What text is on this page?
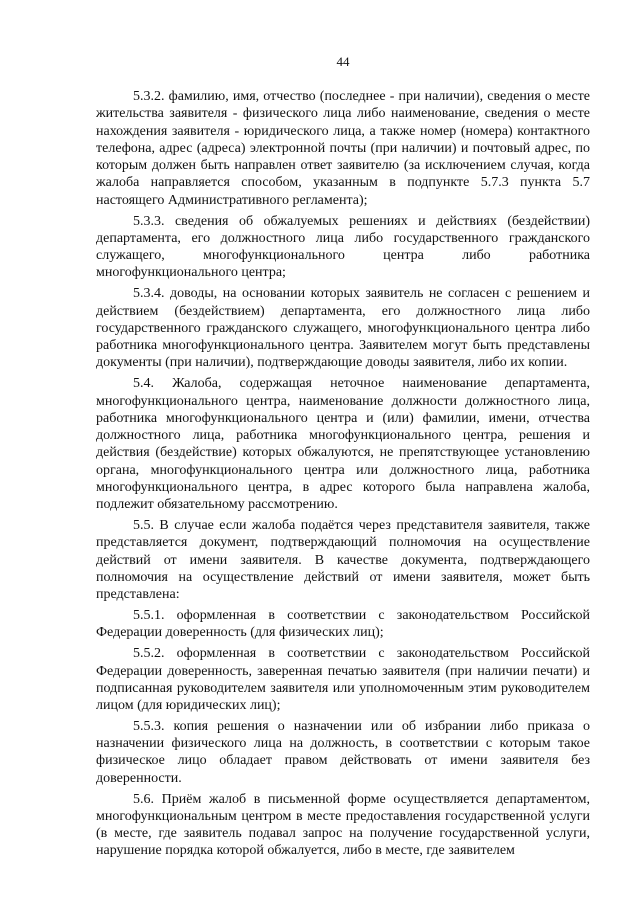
44

5.3.2. фамилию, имя, отчество (последнее - при наличии), сведения о месте жительства заявителя - физического лица либо наименование, сведения о месте нахождения заявителя - юридического лица, а также номер (номера) контактного телефона, адрес (адреса) электронной почты (при наличии) и почтовый адрес, по которым должен быть направлен ответ заявителю (за исключением случая, когда жалоба направляется способом, указанным в подпункте 5.7.3 пункта 5.7 настоящего Административного регламента);

5.3.3. сведения об обжалуемых решениях и действиях (бездействии) департамента, его должностного лица либо государственного гражданского служащего, многофункционального центра либо работника многофункционального центра;

5.3.4. доводы, на основании которых заявитель не согласен с решением и действием (бездействием) департамента, его должностного лица либо государственного гражданского служащего, многофункционального центра либо работника многофункционального центра. Заявителем могут быть представлены документы (при наличии), подтверждающие доводы заявителя, либо их копии.

5.4. Жалоба, содержащая неточное наименование департамента, многофункционального центра, наименование должности должностного лица, работника многофункционального центра и (или) фамилии, имени, отчества должностного лица, работника многофункционального центра, решения и действия (бездействие) которых обжалуются, не препятствующее установлению органа, многофункционального центра или должностного лица, работника многофункционального центра, в адрес которого была направлена жалоба, подлежит обязательному рассмотрению.

5.5. В случае если жалоба подаётся через представителя заявителя, также представляется документ, подтверждающий полномочия на осуществление действий от имени заявителя. В качестве документа, подтверждающего полномочия на осуществление действий от имени заявителя, может быть представлена:

5.5.1. оформленная в соответствии с законодательством Российской Федерации доверенность (для физических лиц);

5.5.2. оформленная в соответствии с законодательством Российской Федерации доверенность, заверенная печатью заявителя (при наличии печати) и подписанная руководителем заявителя или уполномоченным этим руководителем лицом (для юридических лиц);

5.5.3. копия решения о назначении или об избрании либо приказа о назначении физического лица на должность, в соответствии с которым такое физическое лицо обладает правом действовать от имени заявителя без доверенности.

5.6. Приём жалоб в письменной форме осуществляется департаментом, многофункциональным центром в месте предоставления государственной услуги (в месте, где заявитель подавал запрос на получение государственной услуги, нарушение порядка которой обжалуется, либо в месте, где заявителем
